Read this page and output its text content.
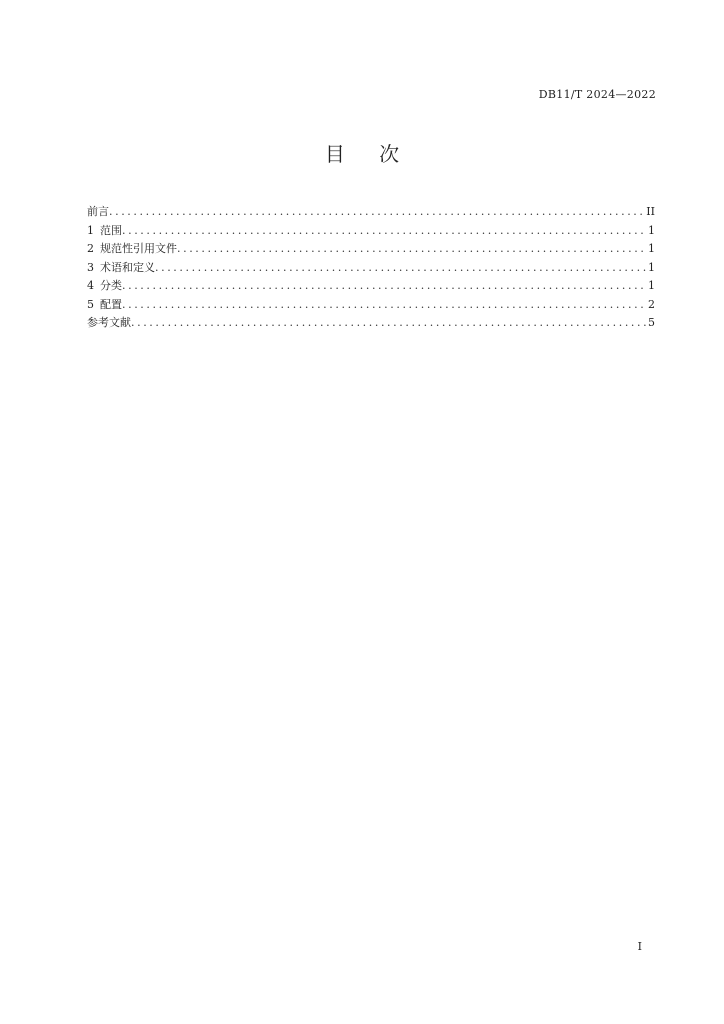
DB11/T 2024—2022
目 次
前言 .....	II
1 范围 .....	1
2 规范性引用文件 .....	1
3 术语和定义 .....	1
4 分类 .....	1
5 配置 .....	2
参考文献 .....	5
I
